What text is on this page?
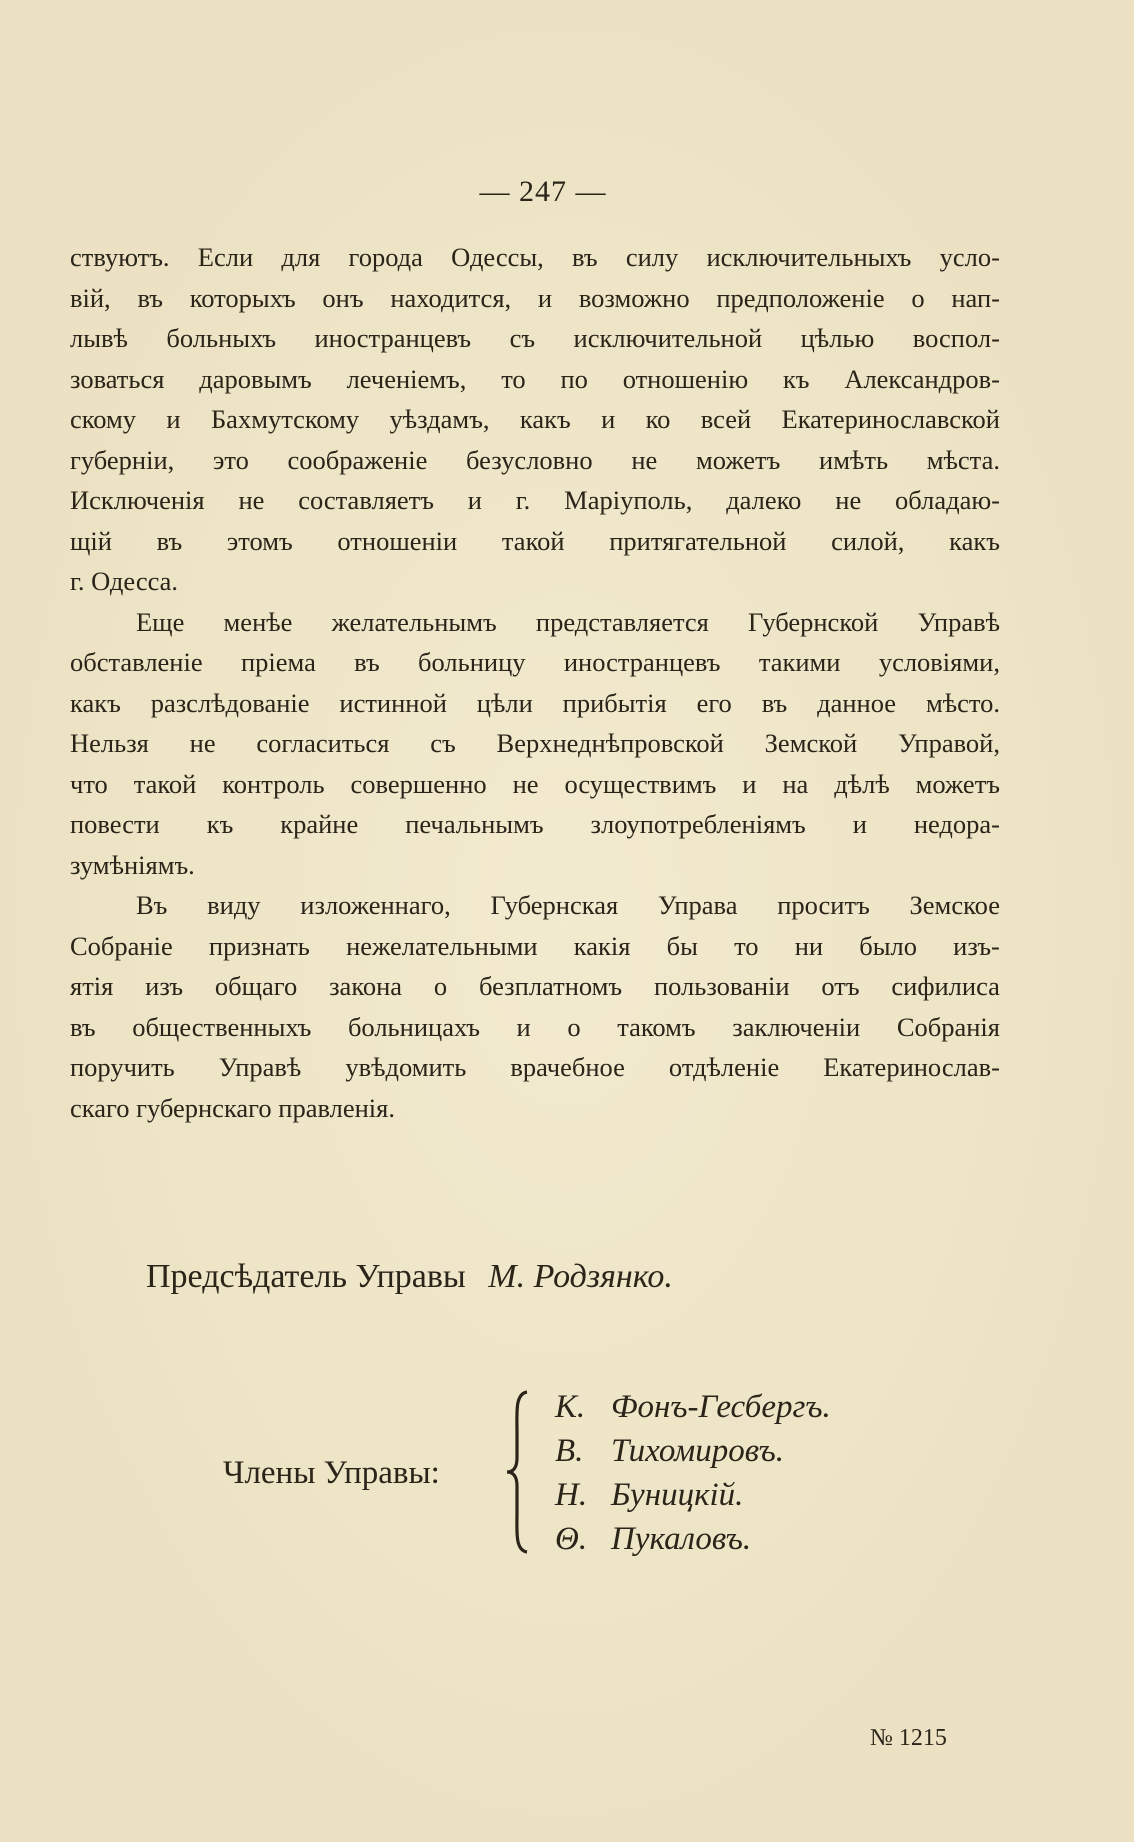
— 247 —
ствуютъ. Если для города Одессы, въ силу исключительныхъ усло-
вій, въ которыхъ онъ находится, и возможно предположеніе о нап-
лывѣ больныхъ иностранцевъ съ исключительной цѣлью воспол-
зоваться даровымъ леченіемъ, то по отношенію къ Александров-
скому и Бахмутскому уѣздамъ, какъ и ко всей Екатеринославской
губерніи, это соображеніе безусловно не можетъ имѣть мѣста.
Исключенія не составляетъ и г. Маріуполь, далеко не обладаю-
щій въ этомъ отношеніи такой притягательной силой, какъ
г. Одесса.
Еще менѣе желательнымъ представляется Губернской Управѣ
обставленіе пріема въ больницу иностранцевъ такими условіями,
какъ разслѣдованіе истинной цѣли прибытія его въ данное мѣсто.
Нельзя не согласиться съ Верхнеднѣпровской Земской Управой,
что такой контроль совершенно не осуществимъ и на дѣлѣ можетъ
повести къ крайне печальнымъ злоупотребленіямъ и недора-
зумѣніямъ.
Въ виду изложеннаго, Губернская Управа проситъ Земское
Собраніе признать нежелательными какія бы то ни было изъ-
ятія изъ общаго закона о безплатномъ пользованіи отъ сифилиса
въ общественныхъ больницахъ и о такомъ заключеніи Собранія
поручить Управѣ увѣдомить врачебное отдѣленіе Екатеринослав-
скаго губернскаго правленія.
Предсѣдатель Управы М. Родзянко.
Члены Управы:
К. Фонъ-Гесбергъ.
В. Тихомировъ.
Н. Буницкій.
Θ. Пукаловъ.
№ 1215
